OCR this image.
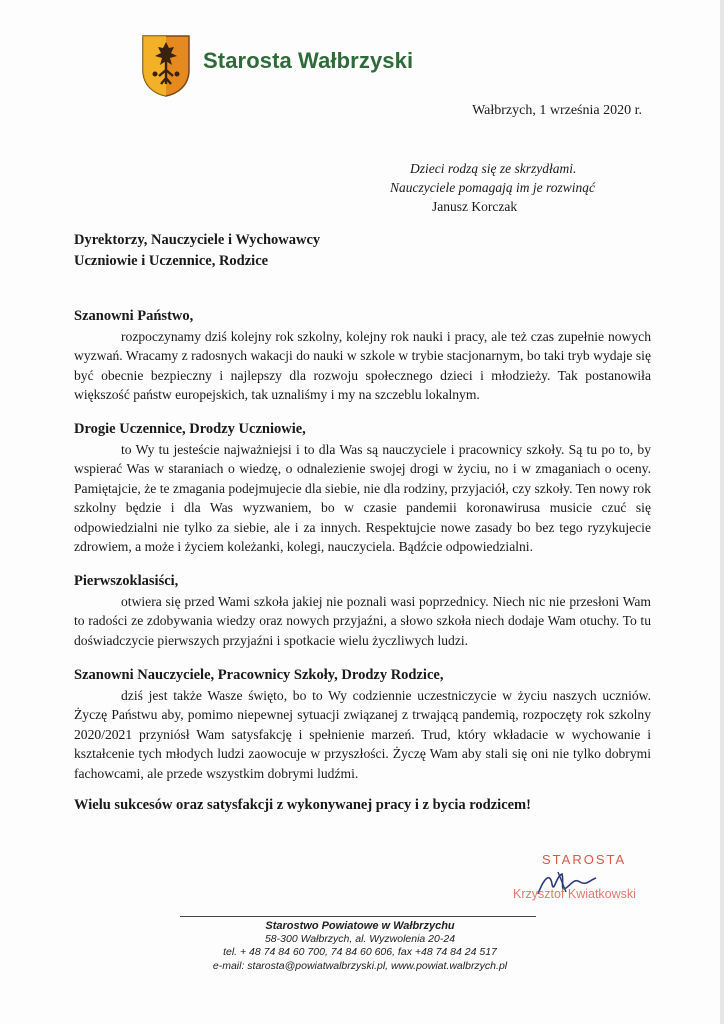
Starosta Wałbrzyski
Wałbrzych, 1 września 2020 r.
Dzieci rodzą się ze skrzydłami.
Nauczyciele pomagają im je rozwinąć
Janusz Korczak
Dyrektorzy, Nauczyciele i Wychowawcy
Uczniowie i Uczennice, Rodzice
Szanowni Państwo,

rozpoczynamy dziś kolejny rok szkolny, kolejny rok nauki i pracy, ale też czas zupełnie nowych wyzwań. Wracamy z radosnych wakacji do nauki w szkole w trybie stacjonarnym, bo taki tryb wydaje się być obecnie bezpieczny i najlepszy dla rozwoju społecznego dzieci i młodzieży. Tak postanowiła większość państw europejskich, tak uznaliśmy i my na szczeblu lokalnym.

Drogie Uczennice, Drodzy Uczniowie,

to Wy tu jesteście najważniejsi i to dla Was są nauczyciele i pracownicy szkoły. Są tu po to, by wspierać Was w staraniach o wiedzę, o odnalezienie swojej drogi w życiu, no i w zmaganiach o oceny. Pamiętajcie, że te zmagania podejmujecie dla siebie, nie dla rodziny, przyjaciół, czy szkoły. Ten nowy rok szkolny będzie i dla Was wyzwaniem, bo w czasie pandemii koronawirusa musicie czuć się odpowiedzialni nie tylko za siebie, ale i za innych. Respektujcie nowe zasady bo bez tego ryzykujecie zdrowiem, a może i życiem koleżanki, kolegi, nauczyciela. Bądźcie odpowiedzialni.

Pierwszoklasiści,

otwiera się przed Wami szkoła jakiej nie poznali wasi poprzednicy. Niech nic nie przesłoni Wam to radości ze zdobywania wiedzy oraz nowych przyjaźni, a słowo szkoła niech dodaje Wam otuchy. To tu doświadczycie pierwszych przyjaźni i spotkacie wielu życzliwych ludzi.

Szanowni Nauczyciele, Pracownicy Szkoły, Drodzy Rodzice,

dziś jest także Wasze święto, bo to Wy codziennie uczestniczycie w życiu naszych uczniów. Życzę Państwu aby, pomimo niepewnej sytuacji związanej z trwającą pandemią, rozpoczęty rok szkolny 2020/2021 przyniósł Wam satysfakcję i spełnienie marzeń. Trud, który wkładacie w wychowanie i kształcenie tych młodych ludzi zaowocuje w przyszłości. Życzę Wam aby stali się oni nie tylko dobrymi fachowcami, ale przede wszystkim dobrymi ludźmi.

Wielu sukcesów oraz satysfakcji z wykonywanej pracy i z bycia rodzicem!
STAROSTA
Krzysztof Kwiatkowski
Starostwo Powiatowe w Wałbrzychu
58-300 Wałbrzych, al. Wyzwolenia 20-24
tel. + 48 74 84 60 700, 74 84 60 606, fax +48 74 84 24 517
e-mail: starosta@powiatwalbrzyski.pl, www.powiat.walbrzych.pl
